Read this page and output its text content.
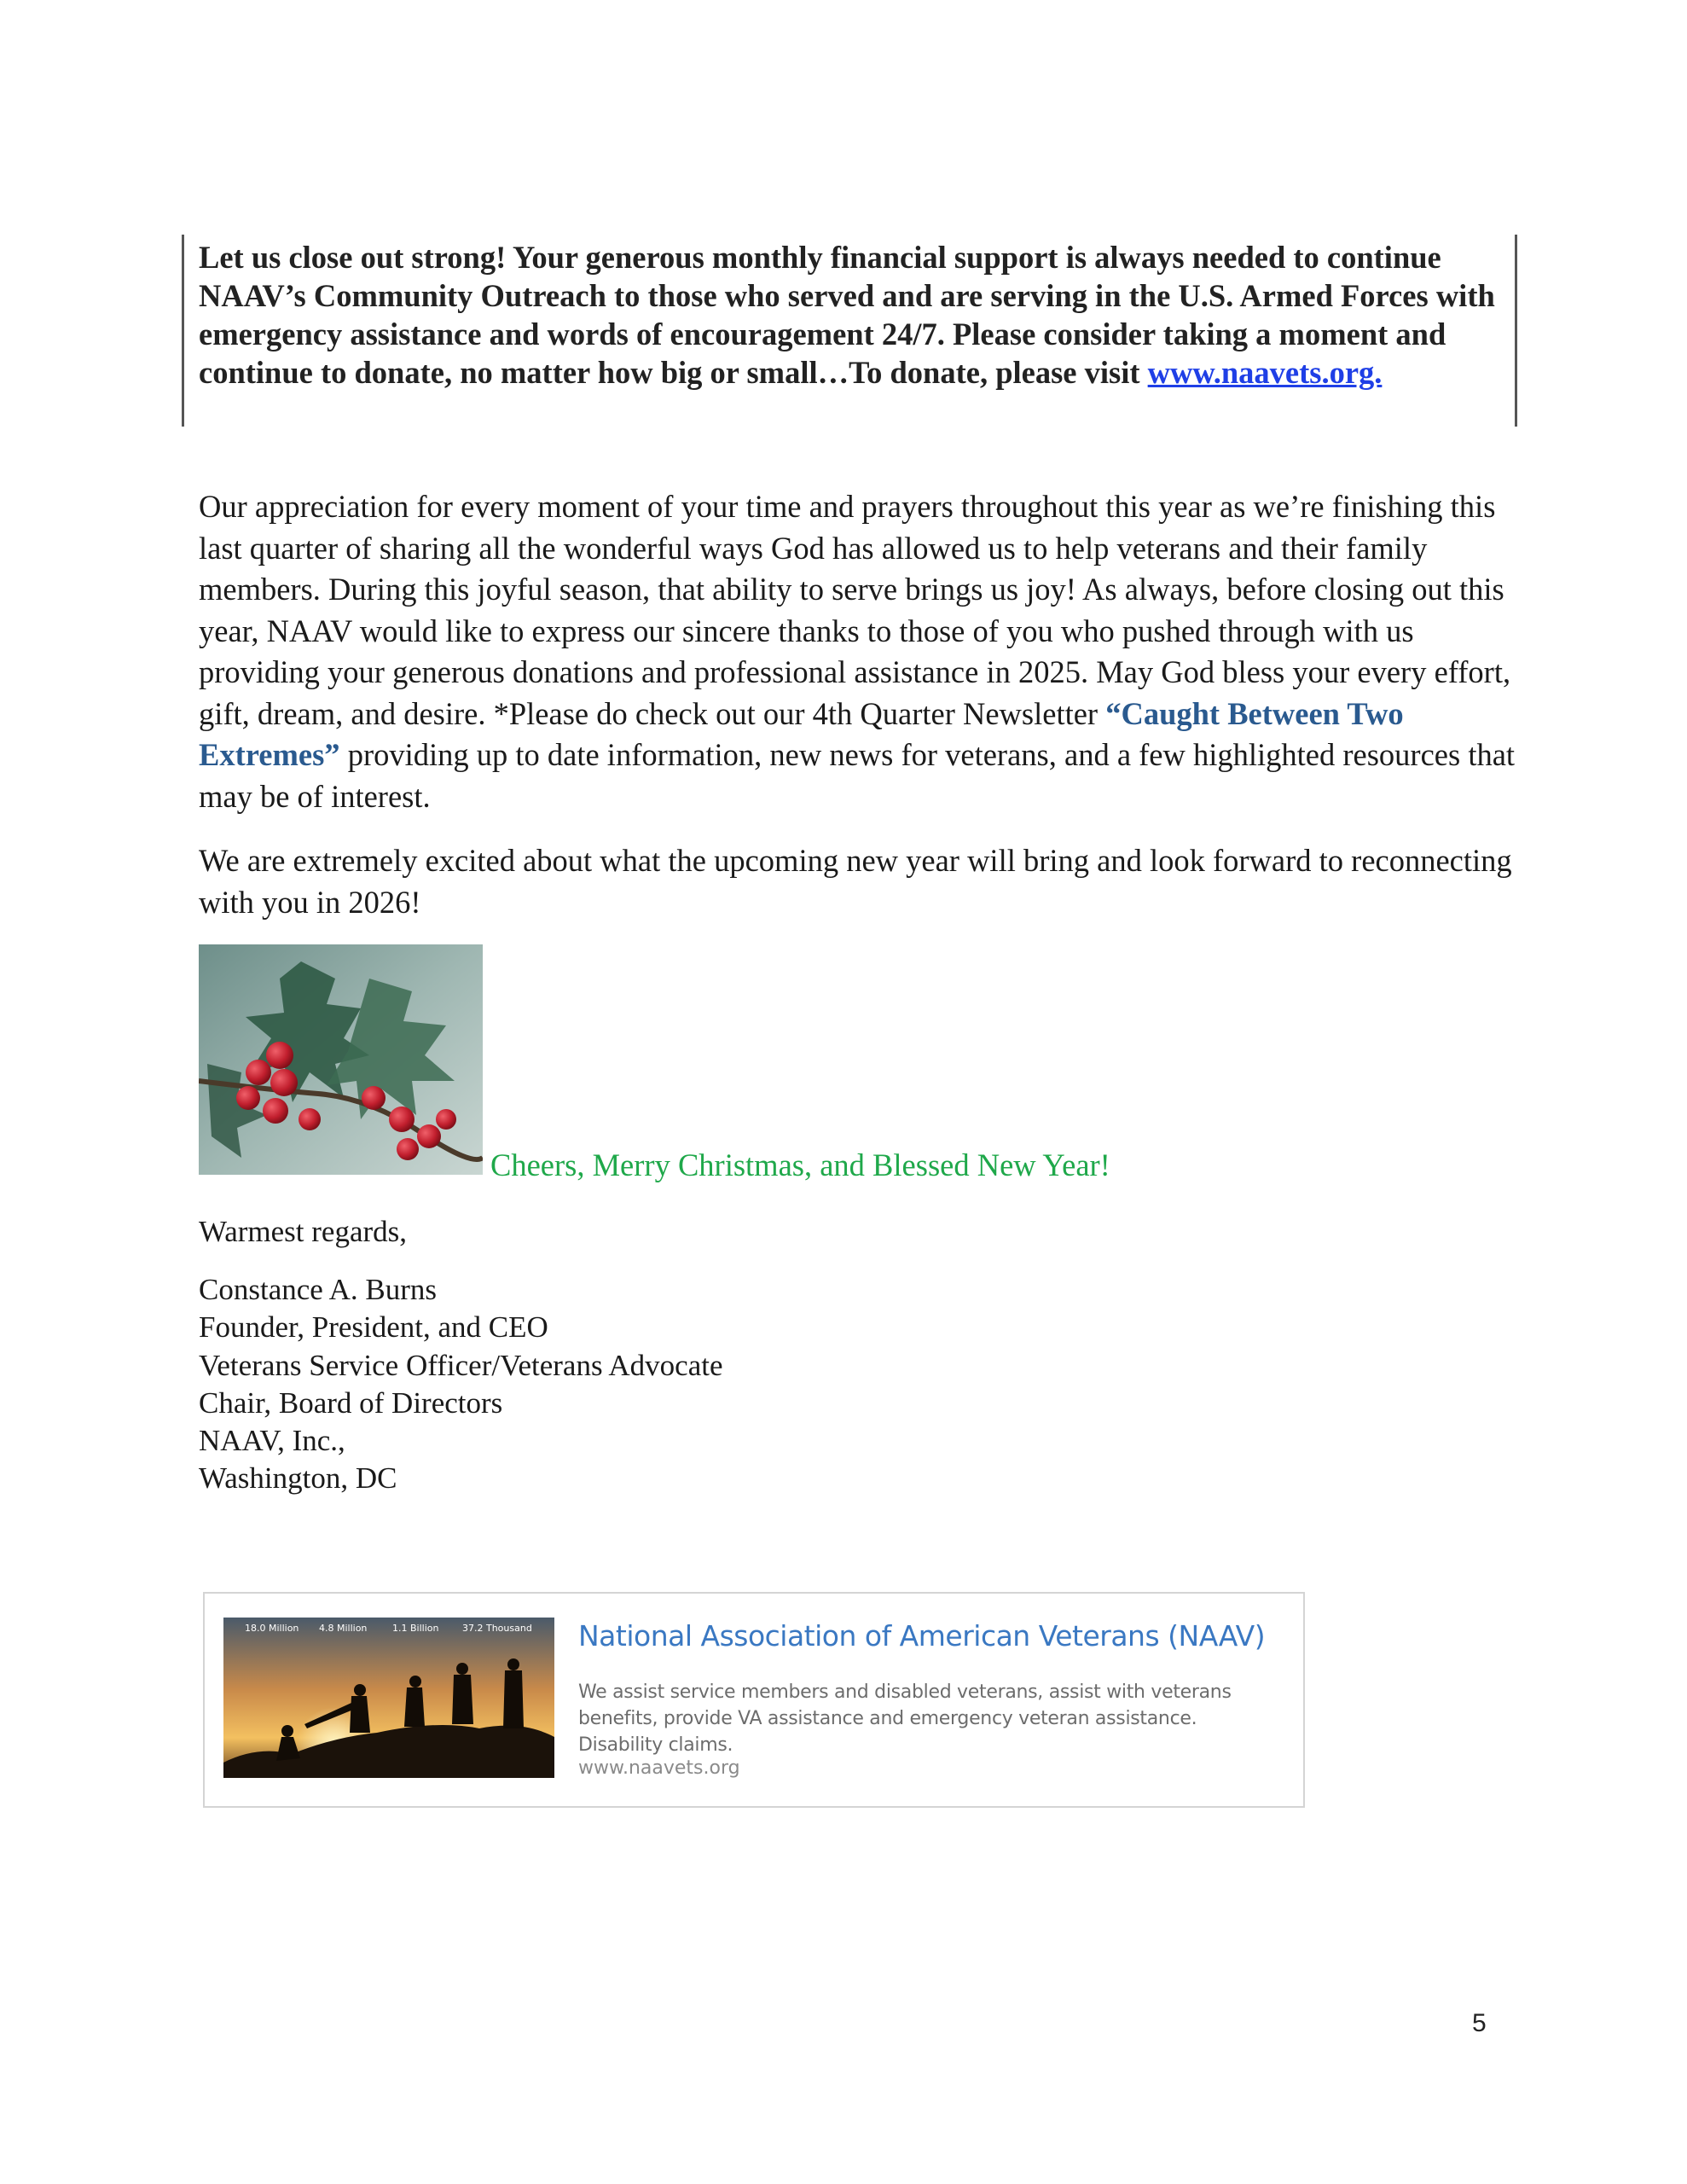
Let us close out strong! Your generous monthly financial support is always needed to continue NAAV’s Community Outreach to those who served and are serving in the U.S. Armed Forces with emergency assistance and words of encouragement 24/7. Please consider taking a moment and continue to donate, no matter how big or small…To donate, please visit www.naavets.org.
Our appreciation for every moment of your time and prayers throughout this year as we’re finishing this last quarter of sharing all the wonderful ways God has allowed us to help veterans and their family members. During this joyful season, that ability to serve brings us joy! As always, before closing out this year, NAAV would like to express our sincere thanks to those of you who pushed through with us providing your generous donations and professional assistance in 2025. May God bless your every effort, gift, dream, and desire. *Please do check out our 4th Quarter Newsletter “Caught Between Two Extremes” providing up to date information, new news for veterans, and a few highlighted resources that may be of interest.
We are extremely excited about what the upcoming new year will bring and look forward to reconnecting with you in 2026!
Cheers, Merry Christmas, and Blessed New Year!
Warmest regards,
Constance A. Burns
Founder, President, and CEO
Veterans Service Officer/Veterans Advocate
Chair, Board of Directors
NAAV, Inc.,
Washington, DC
18.0 Million 4.8 Million	1.1 Billion	37.2 Thousand National Association of American Veterans (NAAV)
We assist service members and disabled veterans, assist with veterans benefits, provide VA assistance and emergency veteran assistance. Disability claims.
www.naavets.org
5
